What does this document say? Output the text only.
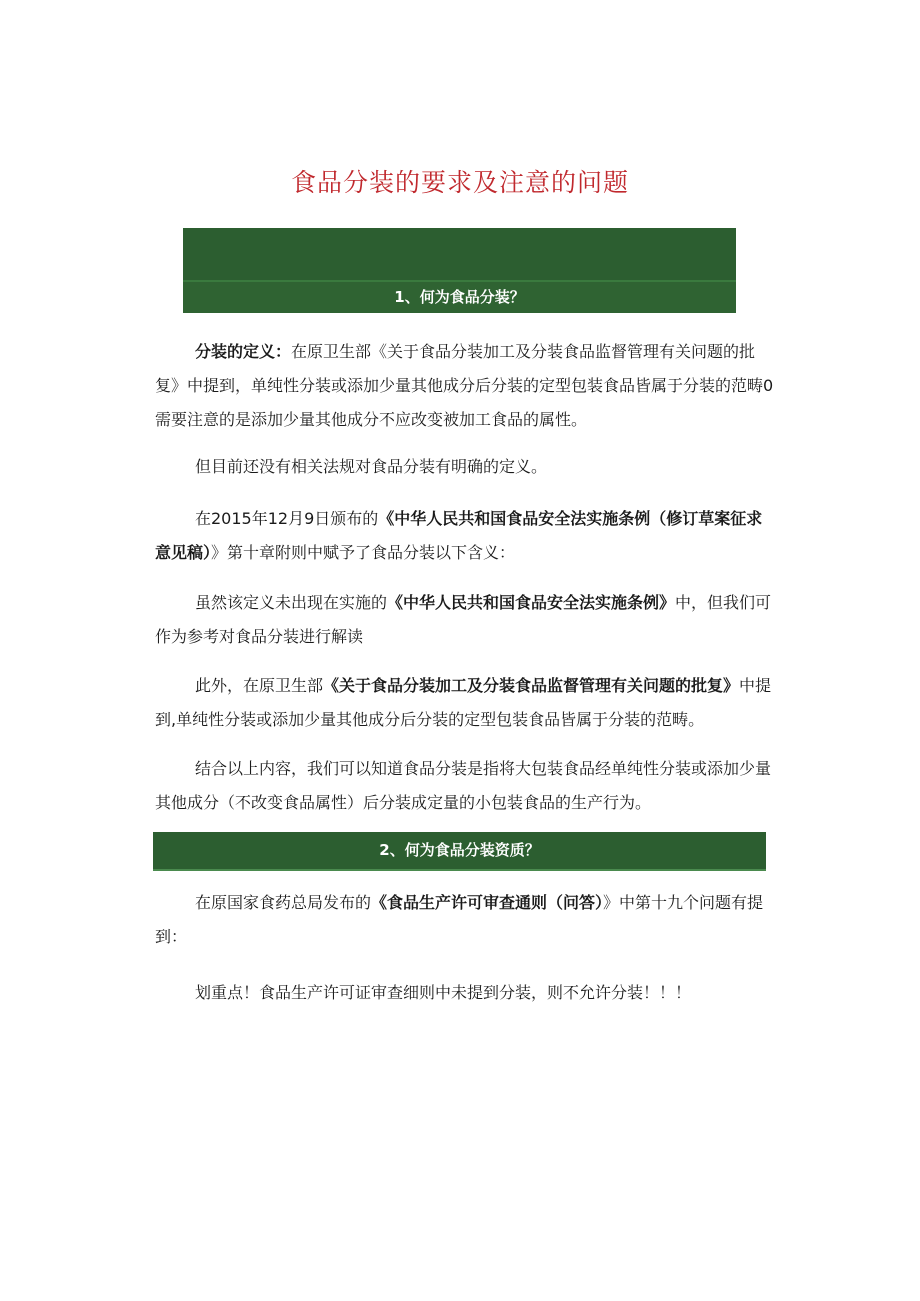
食品分装的要求及注意的问题
1、何为食品分装？

分装的定义：在原卫生部《关于食品分装加工及分装食品监督管理有关问题的批复》中提到，单纯性分装或添加少量其他成分后分装的定型包装食品皆属于分装的范畴0需要注意的是添加少量其他成分不应改变被加工食品的属性。

但目前还没有相关法规对食品分装有明确的定义。

在2015年12月9日颁布的《中华人民共和国食品安全法实施条例（修订草案征求意见稿）》第十章附则中赋予了食品分装以下含义：

虽然该定义未出现在实施的《中华人民共和国食品安全法实施条例》中，但我们可作为参考对食品分装进行解读

此外，在原卫生部《关于食品分装加工及分装食品监督管理有关问题的批复》中提到,单纯性分装或添加少量其他成分后分装的定型包装食品皆属于分装的范畴。

结合以上内容，我们可以知道食品分装是指将大包装食品经单纯性分装或添加少量其他成分（不改变食品属性）后分装成定量的小包装食品的生产行为。

2、何为食品分装资质？

在原国家食药总局发布的《食品生产许可审查通则（问答）》中第十九个问题有提到：

划重点！食品生产许可证审查细则中未提到分装，则不允许分装！！！
